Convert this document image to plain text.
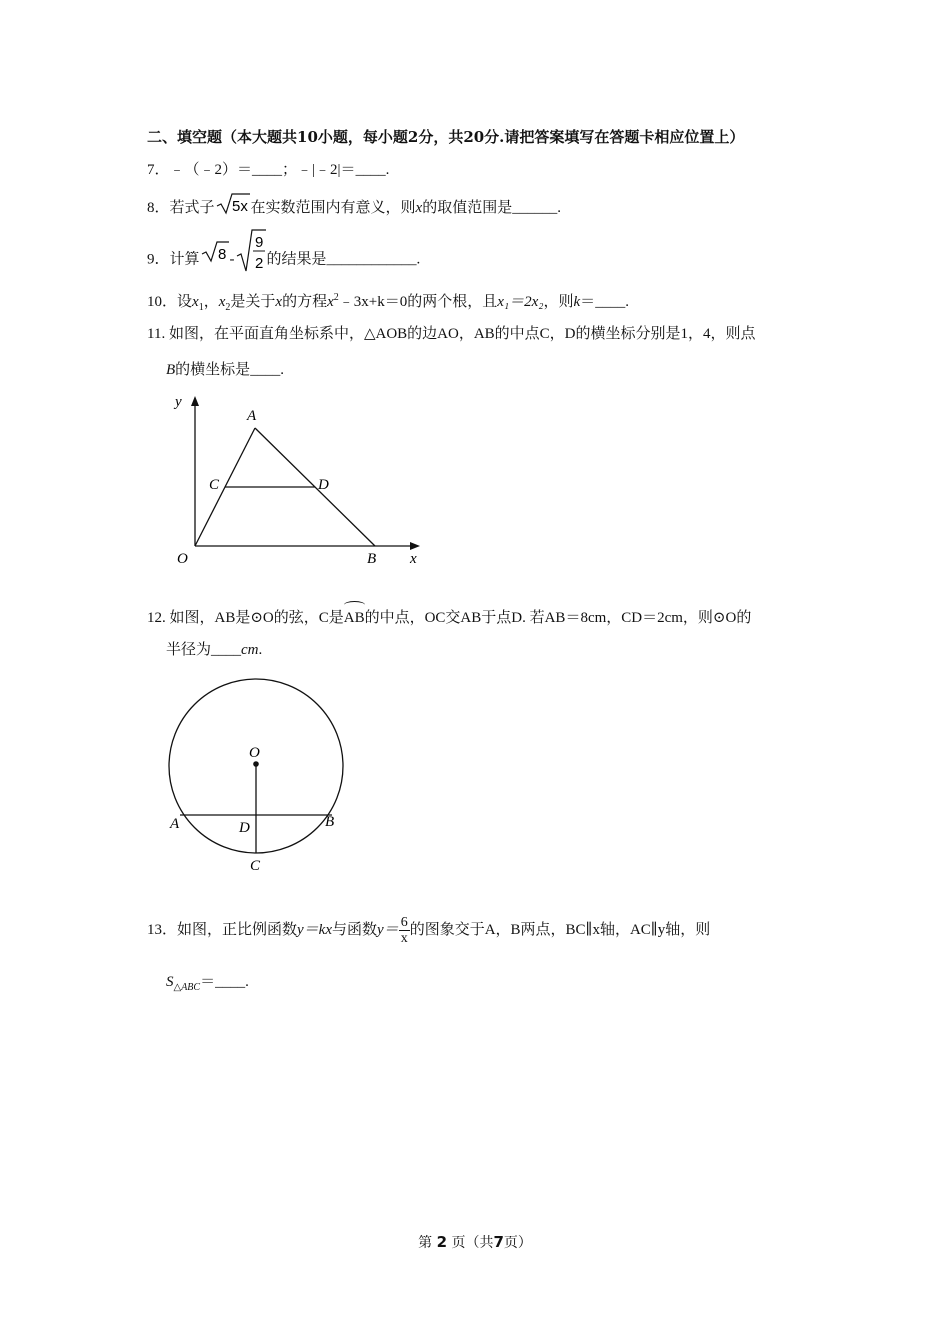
二、填空题（本大题共10小题，每小题2分，共20分.请把答案填写在答题卡相应位置上）
7．﹣（﹣2）＝____；﹣|﹣2|＝____.
8．若式子 5x 在实数范围内有意义，则x的取值范围是______.
9．计算 8 -
9
2 的结果是____________.
10．设$x_1$，$x_2$是关于x的方程$x^2﹣3x+k=0$的两个根，且x₁＝2x₂，则k＝____.
11. 如图，在平面直角坐标系中，△AOB的边AO，AB的中点C，D的横坐标分别是1，4，则点
B的横坐标是____.
y
x
O
A
B
C	D
12. 如图，AB是⊙O的弦，C是AB的中点，OC交AB于点D. 若AB＝8cm，CD＝2cm，则⊙O的
半径为____cm.
O
A	B
D
C
13．如图，正比例函数y＝kx与函数$y= \frac{6}{x}$ 的图象交于A，B两点，BC∥x轴，AC∥y轴，则
$S_{\triangle ABC}=\_\_\_\_$.
第 2 页（共7页）
